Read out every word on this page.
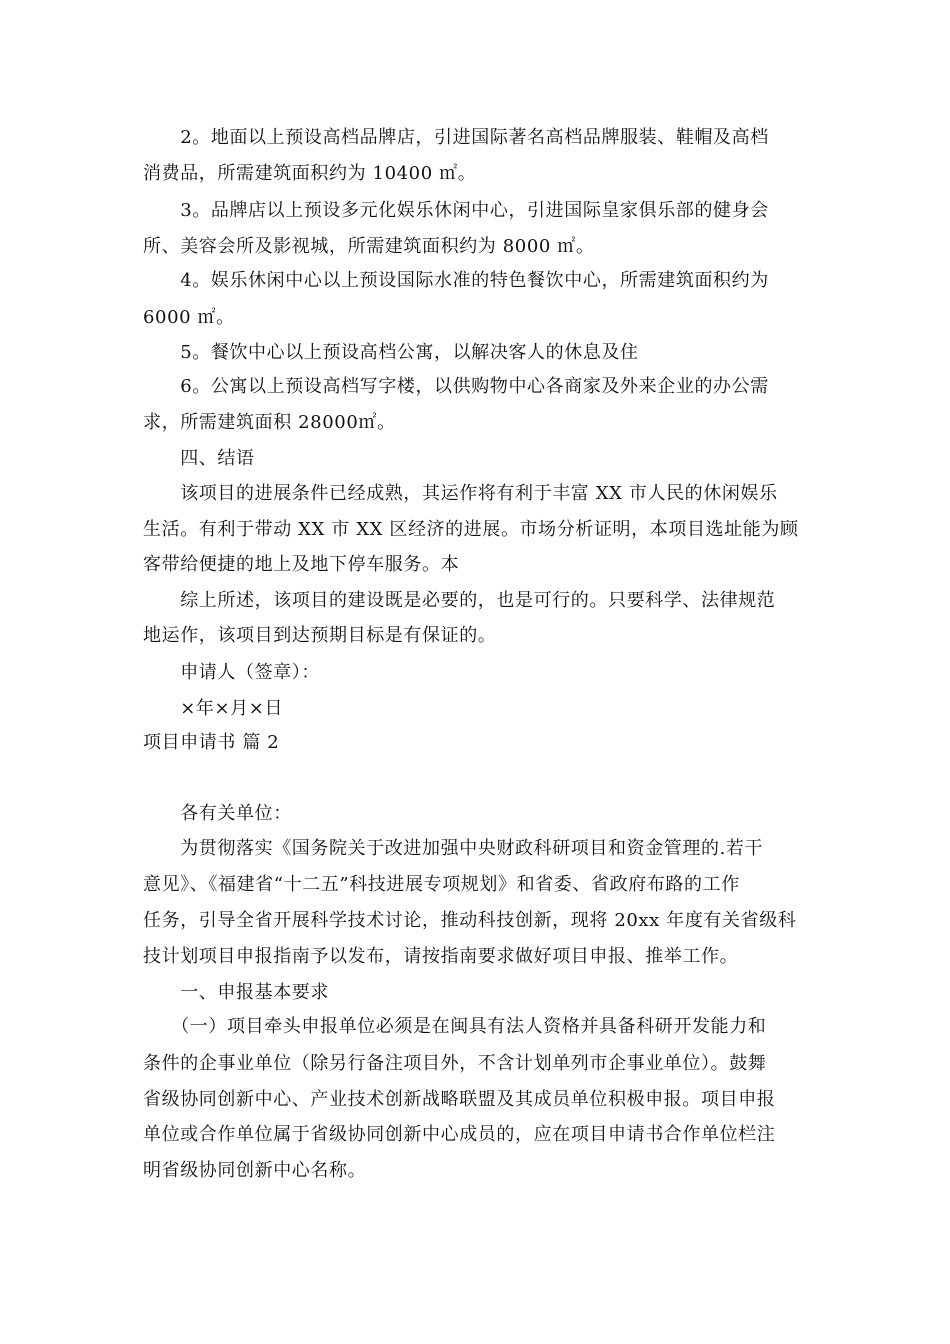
　　2。地面以上预设高档品牌店，引进国际著名高档品牌服装、鞋帽及高档
消费品，所需建筑面积约为 10400 ㎡。
　　3。品牌店以上预设多元化娱乐休闲中心，引进国际皇家俱乐部的健身会
所、美容会所及影视城，所需建筑面积约为 8000 ㎡。
　　4。娱乐休闲中心以上预设国际水准的特色餐饮中心，所需建筑面积约为
6000 ㎡。
　　5。餐饮中心以上预设高档公寓，以解决客人的休息及住
　　6。公寓以上预设高档写字楼，以供购物中心各商家及外来企业的办公需
求，所需建筑面积 28000㎡。
　　四、结语
　　该项目的进展条件已经成熟，其运作将有利于丰富 XX 市人民的休闲娱乐
生活。有利于带动 XX 市 XX 区经济的进展。市场分析证明，本项目选址能为顾
客带给便捷的地上及地下停车服务。本
　　综上所述，该项目的建设既是必要的，也是可行的。只要科学、法律规范
地运作，该项目到达预期目标是有保证的。
　　申请人（签章）：
　　×年×月×日
项目申请书 篇 2
　　各有关单位：
　　为贯彻落实《国务院关于改进加强中央财政科研项目和资金管理的.若干
意见》、《福建省“十二五”科技进展专项规划》和省委、省政府布路的工作
任务，引导全省开展科学技术讨论，推动科技创新，现将 20xx 年度有关省级科
技计划项目申报指南予以发布，请按指南要求做好项目申报、推举工作。
　　一、申报基本要求
　　（一）项目牵头申报单位必须是在闽具有法人资格并具备科研开发能力和
条件的企事业单位（除另行备注项目外，不含计划单列市企事业单位）。鼓舞
省级协同创新中心、产业技术创新战略联盟及其成员单位积极申报。项目申报
单位或合作单位属于省级协同创新中心成员的，应在项目申请书合作单位栏注
明省级协同创新中心名称。
